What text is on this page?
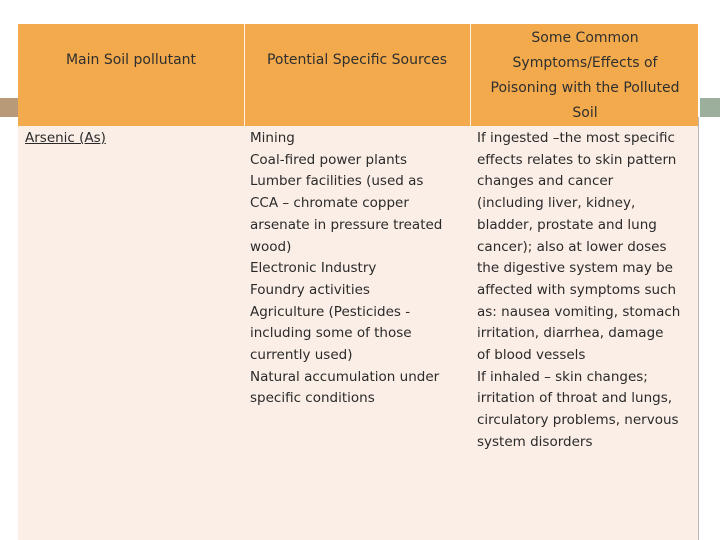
Main Soil pollutant	Potential Specific Sources
Some Common
Symptoms/Effects of
Poisoning with the Polluted
Soil
Arsenic (As)	Mining
Coal-fired power plants
Lumber facilities (used as
CCA – chromate copper
arsenate in pressure treated
wood)
Electronic Industry
Foundry activities
Agriculture (Pesticides -
including some of those
currently used)
Natural accumulation under
specific conditions
If ingested –the most specific
effects relates to skin pattern
changes and cancer
(including liver, kidney,
bladder, prostate and lung
cancer); also at lower doses
the digestive system may be
affected with symptoms such
as: nausea vomiting, stomach
irritation, diarrhea, damage
of blood vessels
If inhaled – skin changes;
irritation of throat and lungs,
circulatory problems, nervous
system disorders
